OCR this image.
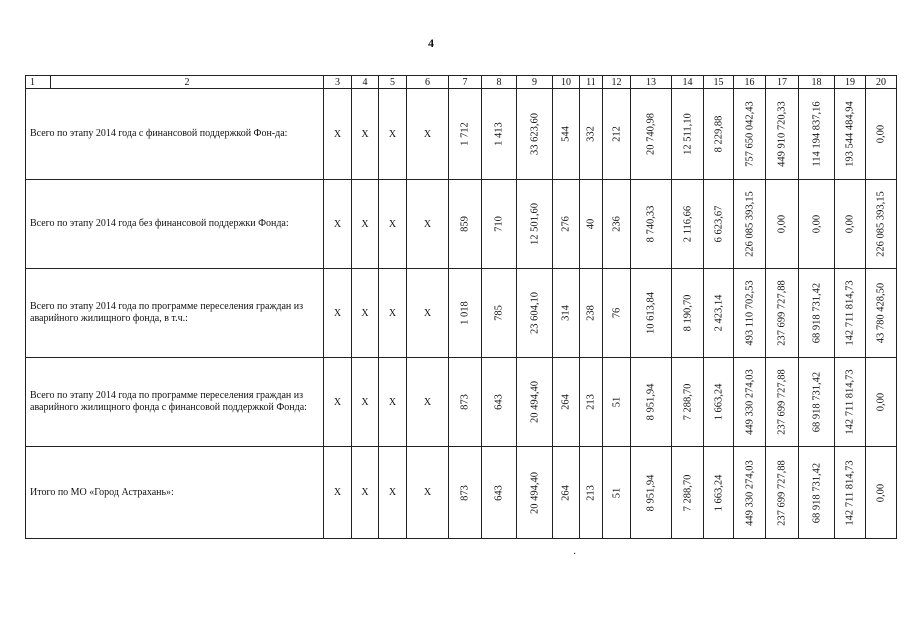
4
1	2	3	4	5	6	7	8	9	10	11	12	13	14	15	16	17	18	19	20
Всего по этапу 2014 года с финансовой поддержкой Фон-да:		X	X	X	X	1 712	1 413	33 623,60	544	332	212	20 740,98	12 511,10	8 229,88	757 650 042,43	449 910 720,33	114 194 837,16	193 544 484,94	0,00

Всего по этапу 2014 года без финансовой поддержки Фонда:		X	X	X	X	859	710	12 501,60	276	40	236	8 740,33	2 116,66	6 623,67	226 085 393,15	0,00	0,00	0,00	226 085 393,15

Всего по этапу 2014 года по программе переселения граждан из аварийного жилищного фонда, в т.ч.:		X	X	X	X	1 018	785	23 604,10	314	238	76	10 613,84	8 190,70	2 423,14	493 110 702,53	237 699 727,88	68 918 731,42	142 711 814,73	43 780 428,50

Всего по этапу 2014 года по программе переселения граждан из аварийного жилищного фонда с финансовой поддержкой Фонда:		X	X	X	X	873	643	20 494,40	264	213	51	8 951,94	7 288,70	1 663,24	449 330 274,03	237 699 727,88	68 918 731,42	142 711 814,73	0,00

Итого по МО «Город Астрахань»:		X	X	X	X	873	643	20 494,40	264	213	51	8 951,94	7 288,70	1 663,24	449 330 274,03	237 699 727,88	68 918 731,42	142 711 814,73	0,00
·
